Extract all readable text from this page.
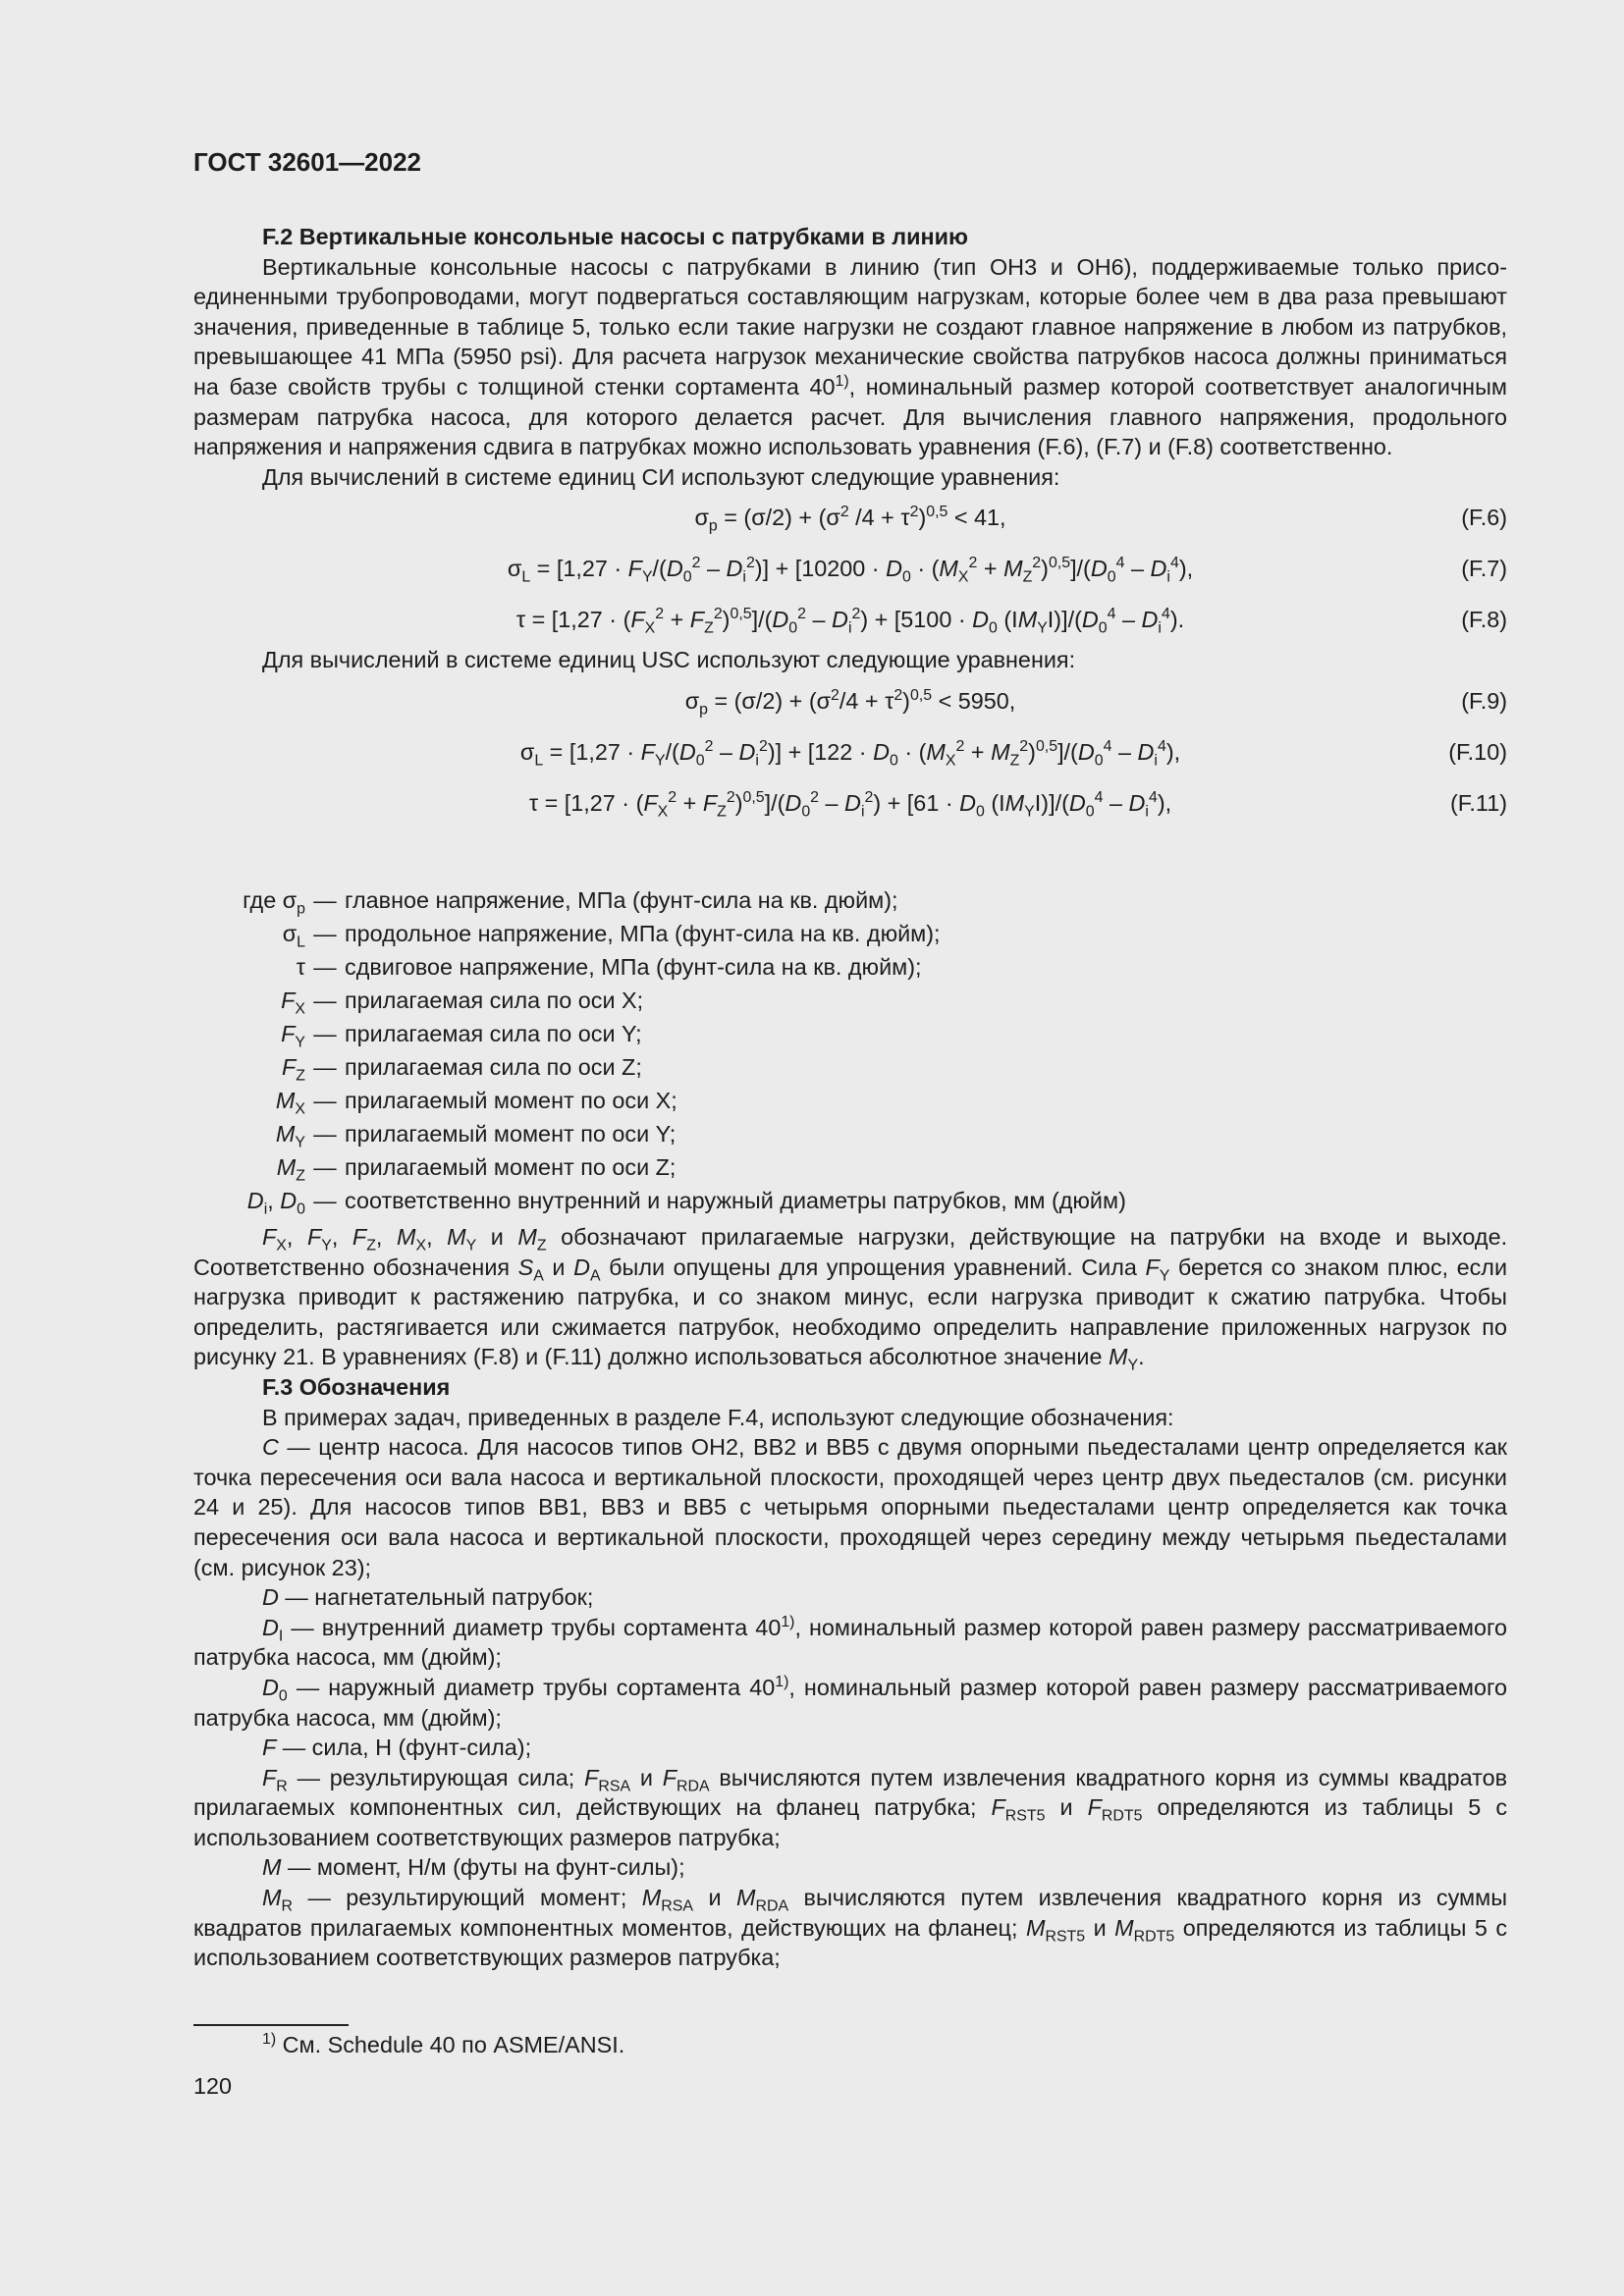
ГОСТ 32601—2022
F.2 Вертикальные консольные насосы с патрубками в линию
Вертикальные консольные насосы с патрубками в линию (тип ОН3 и ОН6), поддерживаемые только присоединенными трубопроводами, могут подвергаться составляющим нагрузкам, которые более чем в два раза превышают значения, приведенные в таблице 5, только если такие нагрузки не создают главное напряжение в любом из патрубков, превышающее 41 МПа (5950 psi). Для расчета нагрузок механические свойства патрубков насоса должны приниматься на базе свойств трубы с толщиной стенки сортамента 40$^{1)}$, номинальный размер которой соответствует аналогичным размерам патрубка насоса, для которого делается расчет. Для вычисления главного напряжения, продольного напряжения и напряжения сдвига в патрубках можно использовать уравнения (F.6), (F.7) и (F.8) соответственно.
Для вычислений в системе единиц СИ используют следующие уравнения:
$\sigma_p = (\sigma/2) + (\sigma^2$ $/4 + \tau^2)^{0,5} < 41$,	(F.6)
$\sigma_L = [1,27 \cdot F_Y/(D_0^2 - D_i^2)] + [10200 \cdot D_0 \cdot (M_X^2 + M_Z^2)^{0,5}]/(D_0^4 - D_i^4)$,	(F.7)
$\tau = [1,27 \cdot (F_X^2 + F_Z^2)^{0,5}]/(D_0^2 - D_i^2) + [5100 \cdot D_0$ $(IM_YI)]/(D_0^4 - D_i^4)$.	(F.8)
Для вычислений в системе единиц USC используют следующие уравнения:
$\sigma_p = (\sigma/2) + (\sigma^2/4 + \tau^2)^{0,5} < 5950$,	(F.9)
$\sigma_L = [1,27 \cdot F_Y/(D_0^2 - D_i^2)] + [122 \cdot D_0 \cdot (M_X^2 + M_Z^2)^{0,5}]/(D_0^4 - D_i^4)$,	(F.10)
$\tau = [1,27 \cdot (F_X^2 + F_Z^2)^{0,5}]/(D_0^2 - D_i^2) + [61 \cdot D_0$ $(IM_YI)]/(D_0^4 - D_i^4)$,	(F.11)
где $\sigma_p$ — главное напряжение, МПа (фунт-сила на кв. дюйм);
$\sigma_L$ — продольное напряжение, МПа (фунт-сила на кв. дюйм);
τ — сдвиговое напряжение, МПа (фунт-сила на кв. дюйм);
$F_X$ — прилагаемая сила по оси X;
$F_Y$ — прилагаемая сила по оси Y;
$F_Z$ — прилагаемая сила по оси Z;
$M_X$ — прилагаемый момент по оси X;
$M_Y$ — прилагаемый момент по оси Y;
$M_Z$ — прилагаемый момент по оси Z;
$D_i$, $D_0$ — соответственно внутренний и наружный диаметры патрубков, мм (дюйм)
$F_X$, $F_Y$, $F_Z$, $M_X$, $M_Y$ и $M_Z$ обозначают прилагаемые нагрузки, действующие на патрубки на входе и выходе. Соответственно обозначения $S_A$ и $D_A$ были опущены для упрощения уравнений. Сила $F_Y$ берется со знаком плюс, если нагрузка приводит к растяжению патрубка, и со знаком минус, если нагрузка приводит к сжатию патрубка. Чтобы определить, растягивается или сжимается патрубок, необходимо определить направление приложенных нагрузок по рисунку 21. В уравнениях (F.8) и (F.11) должно использоваться абсолютное значение $M_Y$.
F.3 Обозначения
В примерах задач, приведенных в разделе F.4, используют следующие обозначения:
C — центр насоса. Для насосов типов ОН2, ВВ2 и ВВ5 с двумя опорными пьедесталами центр определяется как точка пересечения оси вала насоса и вертикальной плоскости, проходящей через центр двух пьедесталов (см. рисунки 24 и 25). Для насосов типов ВВ1, ВВ3 и ВВ5 с четырьмя опорными пьедесталами центр определяется как точка пересечения оси вала насоса и вертикальной плоскости, проходящей через середину между четырьмя пьедесталами (см. рисунок 23);
D — нагнетательный патрубок;
$D_I$ — внутренний диаметр трубы сортамента 40$^{1)}$, номинальный размер которой равен размеру рассматриваемого патрубка насоса, мм (дюйм);
$D_0$ — наружный диаметр трубы сортамента 40$^{1)}$, номинальный размер которой равен размеру рассматриваемого патрубка насоса, мм (дюйм);
F — сила, Н (фунт-сила);
$F_R$ — результирующая сила; $F_{RSA}$ и $F_{RDA}$ вычисляются путем извлечения квадратного корня из суммы квадратов прилагаемых компонентных сил, действующих на фланец патрубка; $F_{RST5}$ и $F_{RDT5}$ определяются из таблицы 5 с использованием соответствующих размеров патрубка;
M — момент, Н/м (футы на фунт-силы);
$M_R$ — результирующий момент; $M_{RSA}$ и $M_{RDA}$ вычисляются путем извлечения квадратного корня из суммы квадратов прилагаемых компонентных моментов, действующих на фланец; $M_{RST5}$ и $M_{RDT5}$ определяются из таблицы 5 с использованием соответствующих размеров патрубка;
$^{1)}$ См. Schedule 40 по ASME/ANSI.
120
